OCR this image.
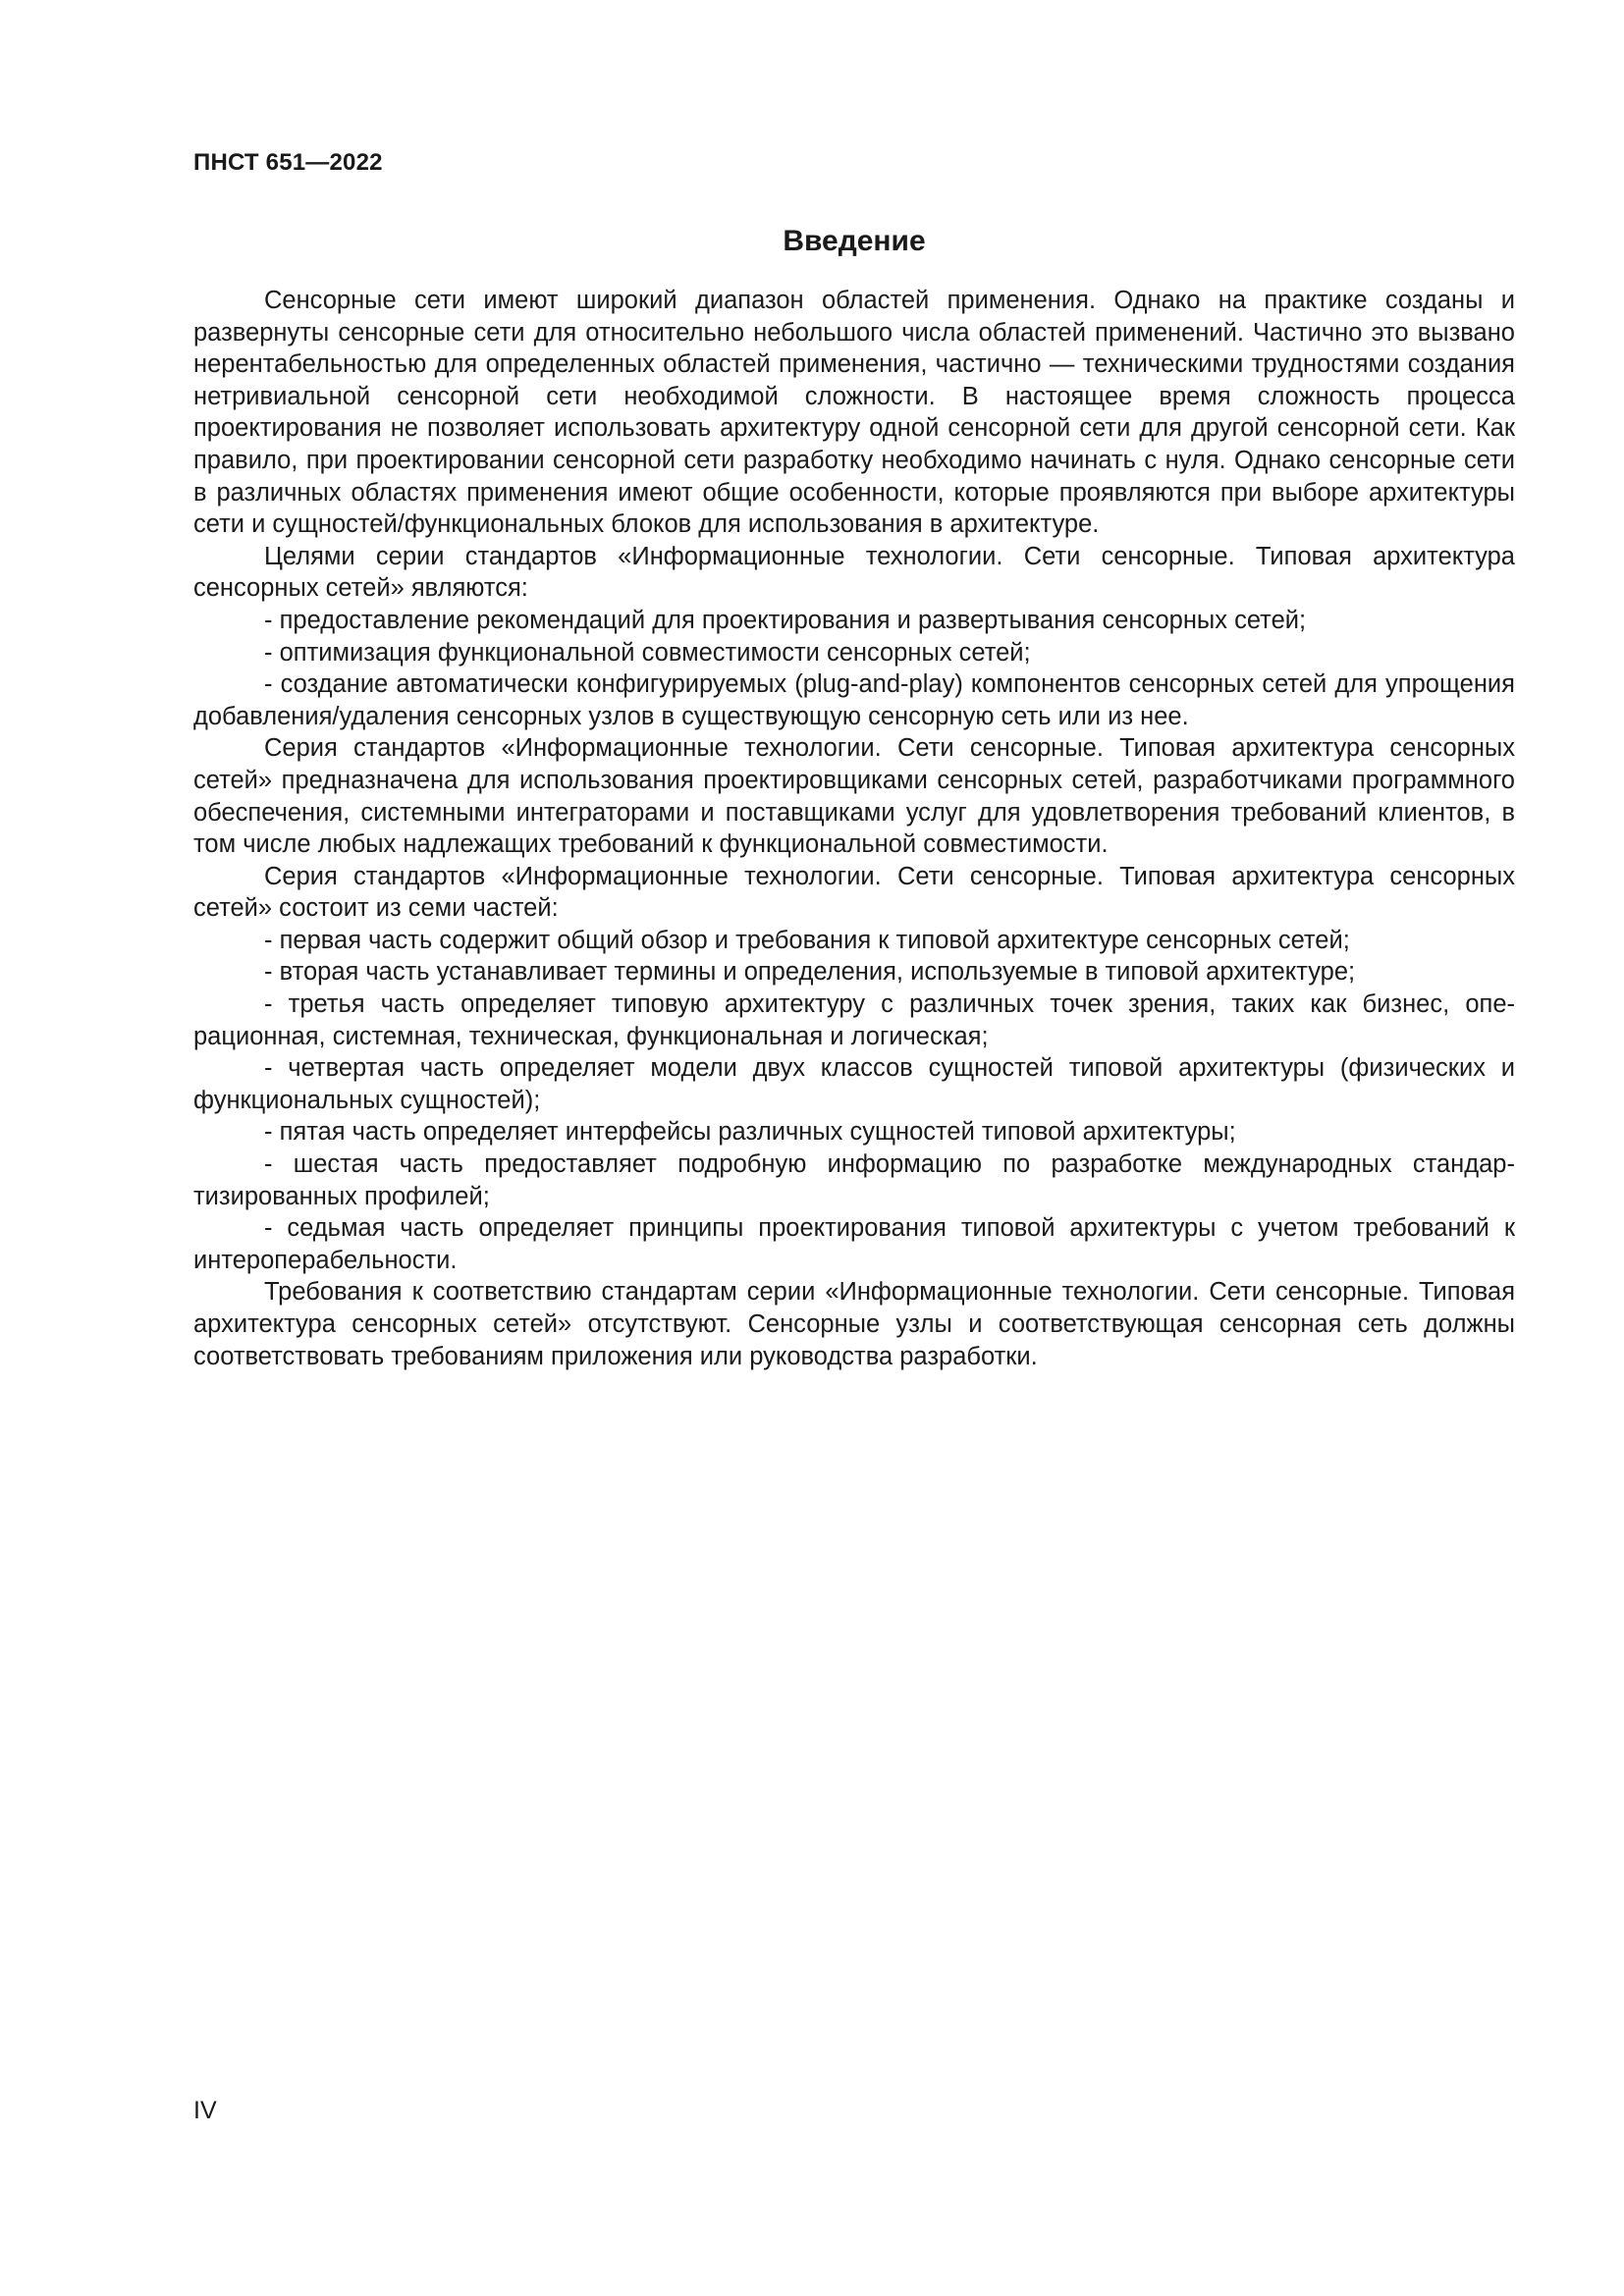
ПНСТ 651—2022
Введение

Сенсорные сети имеют широкий диапазон областей применения. Однако на практике созданы и развернуты сенсорные сети для относительно небольшого числа областей применений. Частично это вызвано нерентабельностью для определенных областей применения, частично — техническими трудностями создания нетривиальной сенсорной сети необходимой сложности. В настоящее время сложность процесса проектирования не позволяет использовать архитектуру одной сенсорной сети для другой сенсорной сети. Как правило, при проектировании сенсорной сети разработку необходимо начинать с нуля. Однако сенсорные сети в различных областях применения имеют общие особенности, которые проявляются при выборе архитектуры сети и сущностей/функциональных блоков для использования в архитектуре.

Целями серии стандартов «Информационные технологии. Сети сенсорные. Типовая архитектура сенсорных сетей» являются:

- предоставление рекомендаций для проектирования и развертывания сенсорных сетей;

- оптимизация функциональной совместимости сенсорных сетей;

- создание автоматически конфигурируемых (plug-and-play) компонентов сенсорных сетей для упрощения добавления/удаления сенсорных узлов в существующую сенсорную сеть или из нее.

Серия стандартов «Информационные технологии. Сети сенсорные. Типовая архитектура сенсорных сетей» предназначена для использования проектировщиками сенсорных сетей, разработчиками программного обеспечения, системными интеграторами и поставщиками услуг для удовлетворения требований клиентов, в том числе любых надлежащих требований к функциональной совместимости.

Серия стандартов «Информационные технологии. Сети сенсорные. Типовая архитектура сенсорных сетей» состоит из семи частей:

- первая часть содержит общий обзор и требования к типовой архитектуре сенсорных сетей;

- вторая часть устанавливает термины и определения, используемые в типовой архитектуре;

- третья часть определяет типовую архитектуру с различных точек зрения, таких как бизнес, операционная, системная, техническая, функциональная и логическая;

- четвертая часть определяет модели двух классов сущностей типовой архитектуры (физических и функциональных сущностей);

- пятая часть определяет интерфейсы различных сущностей типовой архитектуры;

- шестая часть предоставляет подробную информацию по разработке международных стандартизированных профилей;

- седьмая часть определяет принципы проектирования типовой архитектуры с учетом требований к интероперабельности.

Требования к соответствию стандартам серии «Информационные технологии. Сети сенсорные. Типовая архитектура сенсорных сетей» отсутствуют. Сенсорные узлы и соответствующая сенсорная сеть должны соответствовать требованиям приложения или руководства разработки.

IV
